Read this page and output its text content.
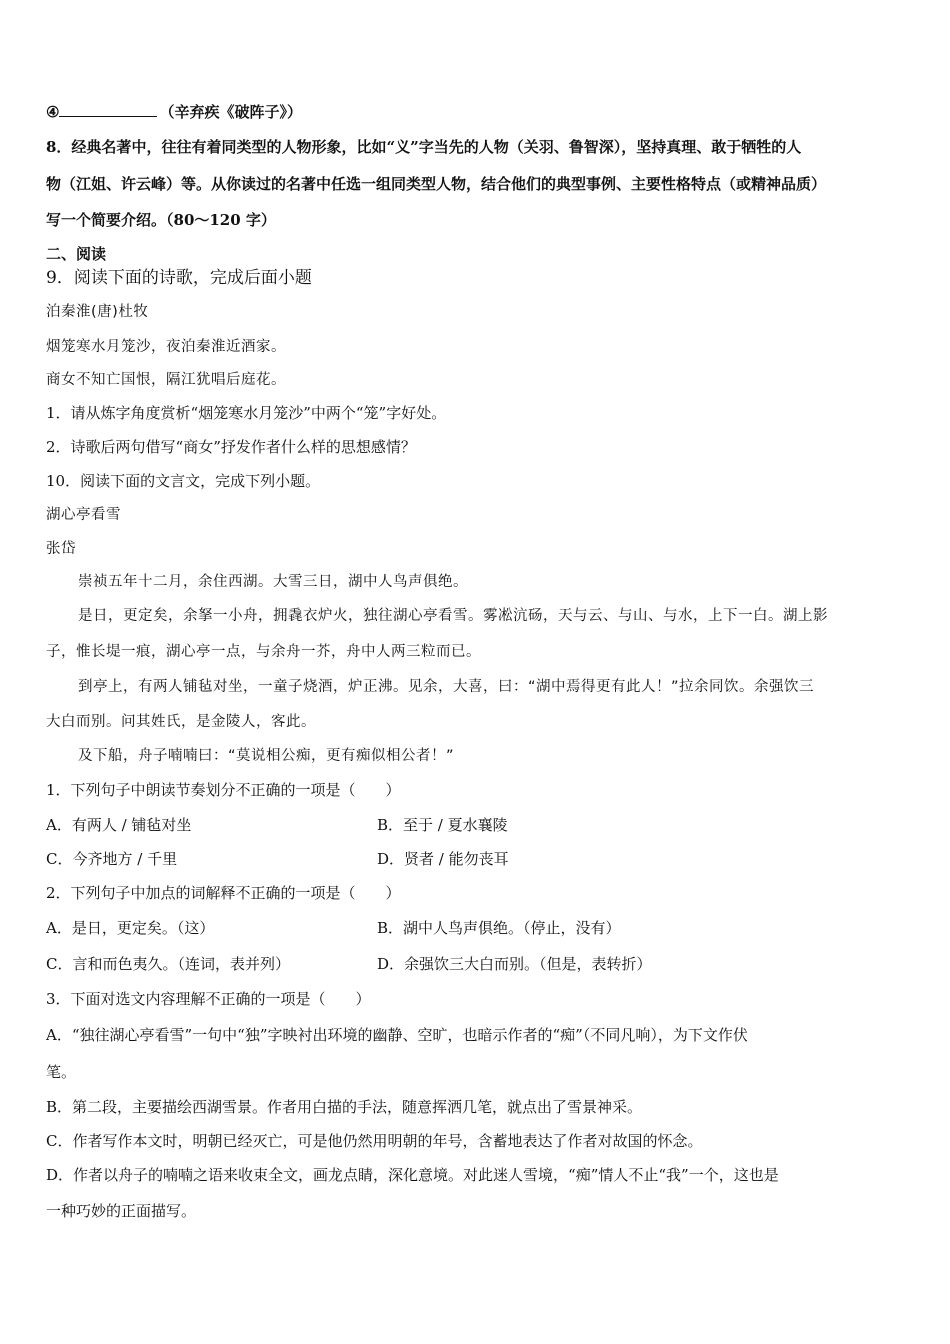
④	（辛弃疾《破阵子》）
8．经典名著中，往往有着同类型的人物形象，比如“义”字当先的人物（关羽、鲁智深），坚持真理、敢于牺牲的人
物（江姐、许云峰）等。从你读过的名著中任选一组同类型人物，结合他们的典型事例、主要性格特点（或精神品质）
写一个简要介绍。（80～120 字）
二、阅读
9．阅读下面的诗歌，完成后面小题
泊秦淮(唐)杜牧
烟笼寒水月笼沙，夜泊秦淮近酒家。
商女不知亡国恨，隔江犹唱后庭花。
1．请从炼字角度赏析“烟笼寒水月笼沙”中两个“笼”字好处。
2．诗歌后两句借写“商女”抒发作者什么样的思想感情？
10．阅读下面的文言文，完成下列小题。
湖心亭看雪
张岱
崇祯五年十二月，余住西湖。大雪三日，湖中人鸟声俱绝。
是日，更定矣，余拏一小舟，拥毳衣炉火，独往湖心亭看雪。雾凇沆砀，天与云、与山、与水，上下一白。湖上影
子，惟长堤一痕，湖心亭一点，与余舟一芥，舟中人两三粒而已。
到亭上，有两人铺毡对坐，一童子烧酒，炉正沸。见余，大喜，曰：“湖中焉得更有此人！”拉余同饮。余强饮三
大白而别。问其姓氏，是金陵人，客此。
及下船，舟子喃喃曰：“莫说相公痴，更有痴似相公者！”
1．下列句子中朗读节奏划分不正确的一项是（　　）
A．有两人 / 铺毡对坐	B．至于 / 夏水襄陵
C．今齐地方 / 千里	D．贤者 / 能勿丧耳
2．下列句子中加点的词解释不正确的一项是（　　）
A．是日，更定矣。（这）	B．湖中人鸟声俱绝。（停止，没有）
C．言和而色夷久。（连词，表并列）	D．余强饮三大白而别。（但是，表转折）
3．下面对选文内容理解不正确的一项是（　　）
A．“独往湖心亭看雪”一句中“独”字映衬出环境的幽静、空旷，也暗示作者的“痴”（不同凡响），为下文作伏
笔。
B．第二段，主要描绘西湖雪景。作者用白描的手法，随意挥洒几笔，就点出了雪景神采。
C．作者写作本文时，明朝已经灭亡，可是他仍然用明朝的年号，含蓄地表达了作者对故国的怀念。
D．作者以舟子的喃喃之语来收束全文，画龙点睛，深化意境。对此迷人雪境，“痴”情人不止“我”一个，这也是
一种巧妙的正面描写。
